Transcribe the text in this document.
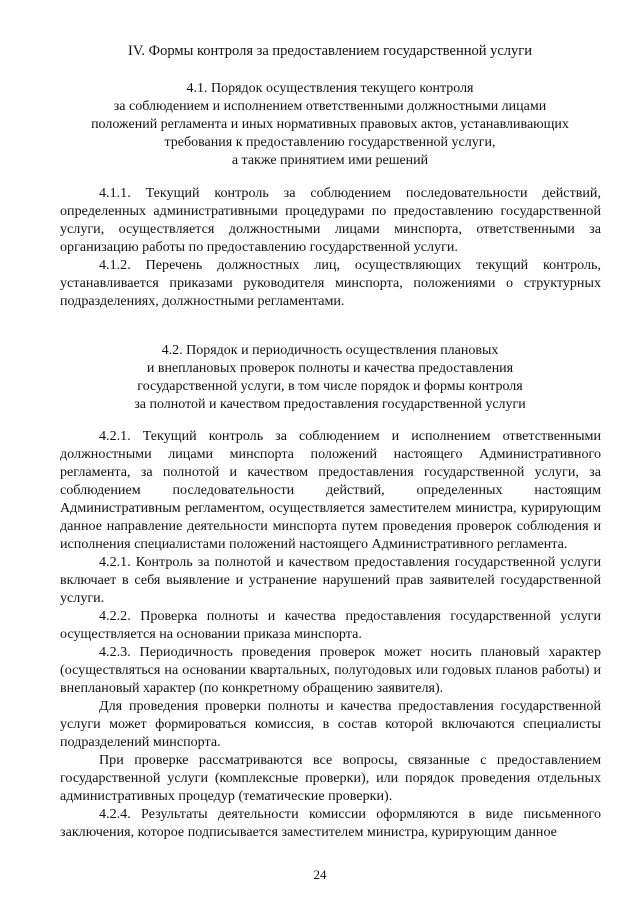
IV. Формы контроля за предоставлением государственной услуги
4.1. Порядок осуществления текущего контроля
за соблюдением и исполнением ответственными должностными лицами
положений регламента и иных нормативных правовых актов, устанавливающих
требования к предоставлению государственной услуги,
а также принятием ими решений

4.1.1. Текущий контроль за соблюдением последовательности действий, определенных административными процедурами по предоставлению государственной услуги, осуществляется должностными лицами минспорта, ответственными за организацию работы по предоставлению государственной услуги.

4.1.2. Перечень должностных лиц, осуществляющих текущий контроль, устанавливается приказами руководителя минспорта, положениями о структурных подразделениях, должностными регламентами.

4.2. Порядок и периодичность осуществления плановых
и внеплановых проверок полноты и качества предоставления
государственной услуги, в том числе порядок и формы контроля
за полнотой и качеством предоставления государственной услуги

4.2.1. Текущий контроль за соблюдением и исполнением ответственными должностными лицами минспорта положений настоящего Административного регламента, за полнотой и качеством предоставления государственной услуги, за соблюдением последовательности действий, определенных настоящим Административным регламентом, осуществляется заместителем министра, курирующим данное направление деятельности минспорта путем проведения проверок соблюдения и исполнения специалистами положений настоящего Административного регламента.

4.2.1. Контроль за полнотой и качеством предоставления государственной услуги включает в себя выявление и устранение нарушений прав заявителей государственной услуги.

4.2.2. Проверка полноты и качества предоставления государственной услуги осуществляется на основании приказа минспорта.

4.2.3. Периодичность проведения проверок может носить плановый характер (осуществляться на основании квартальных, полугодовых или годовых планов работы) и внеплановый характер (по конкретному обращению заявителя).

Для проведения проверки полноты и качества предоставления государственной услуги может формироваться комиссия, в состав которой включаются специалисты подразделений минспорта.

При проверке рассматриваются все вопросы, связанные с предоставлением государственной услуги (комплексные проверки), или порядок проведения отдельных административных процедур (тематические проверки).

4.2.4. Результаты деятельности комиссии оформляются в виде письменного заключения, которое подписывается заместителем министра, курирующим данное

24
